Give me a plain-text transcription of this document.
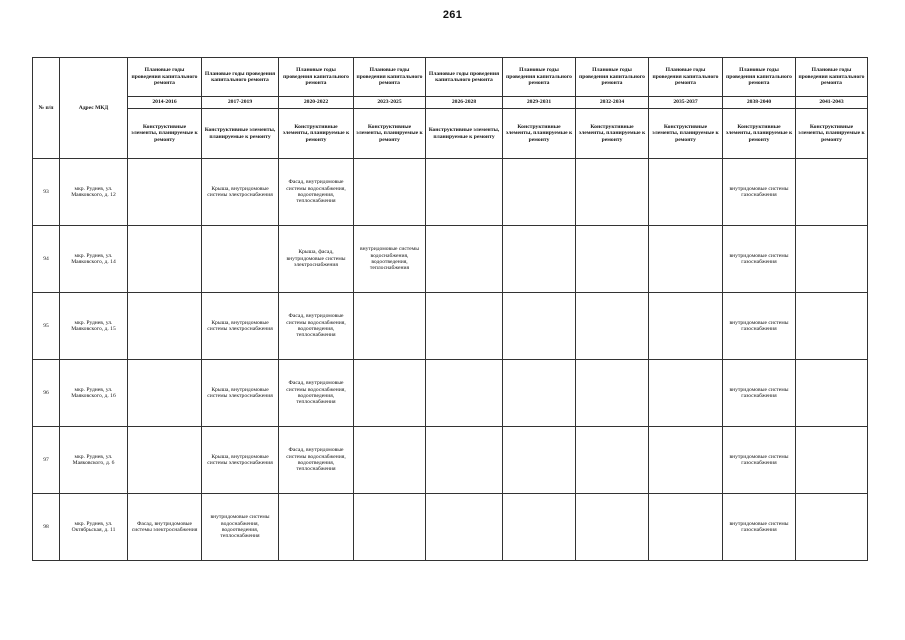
261
№ п/п	Адрес МКД	Плановые годы проведения капитального ремонта	Плановые годы проведения капитального ремонта	Плановые годы проведения капитального ремонта	Плановые годы проведения капитального ремонта	Плановые годы проведения капитального ремонта	Плановые годы проведения капитального ремонта	Плановые годы проведения капитального ремонта	Плановые годы проведения капитального ремонта	Плановые годы проведения капитального ремонта	Плановые годы проведения капитального ремонта
		2014-2016	2017-2019	2020-2022	2023-2025	2026-2028	2029-2031	2032-2034	2035-2037	2038-2040	2041-2043
		Конструктивные элементы, планируемые к ремонту	Конструктивные элементы, планируемые к ремонту	Конструктивные элементы, планируемые к ремонту	Конструктивные элементы, планируемые к ремонту	Конструктивные элементы, планируемые к ремонту	Конструктивные элементы, планируемые к ремонту	Конструктивные элементы, планируемые к ремонту	Конструктивные элементы, планируемые к ремонту	Конструктивные элементы, планируемые к ремонту	Конструктивные элементы, планируемые к ремонту
93	мкр. Руднев, ул. Маяковского, д. 12		Крыша, внутридомовые системы электроснабжения	Фасад, внутридомовые системы водоснабжения, водоотведения, теплоснабжения						внутридомовые системы газоснабжения	
94	мкр. Руднев, ул. Маяковского, д. 14			Крыша, фасад, внутридомовые системы электроснабжения	внутридомовые системы водоснабжения, водоотведения, теплоснабжения					внутридомовые системы газоснабжения	
95	мкр. Руднев, ул. Маяковского, д. 15		Крыша, внутридомовые системы электроснабжения	Фасад, внутридомовые системы водоснабжения, водоотведения, теплоснабжения						внутридомовые системы газоснабжения	
96	мкр. Руднев, ул. Маяковского, д. 16		Крыша, внутридомовые системы электроснабжения	Фасад, внутридомовые системы водоснабжения, водоотведения, теплоснабжения						внутридомовые системы газоснабжения	
97	мкр. Руднев, ул. Маяковского, д. 6		Крыша, внутридомовые системы электроснабжения	Фасад, внутридомовые системы водоснабжения, водоотведения, теплоснабжения						внутридомовые системы газоснабжения	
98	мкр. Руднев, ул. Октябрьская, д. 11	Фасад, внутридомовые системы электроснабжения	внутридомовые системы водоснабжения, водоотведения, теплоснабжения							внутридомовые системы газоснабжения	
